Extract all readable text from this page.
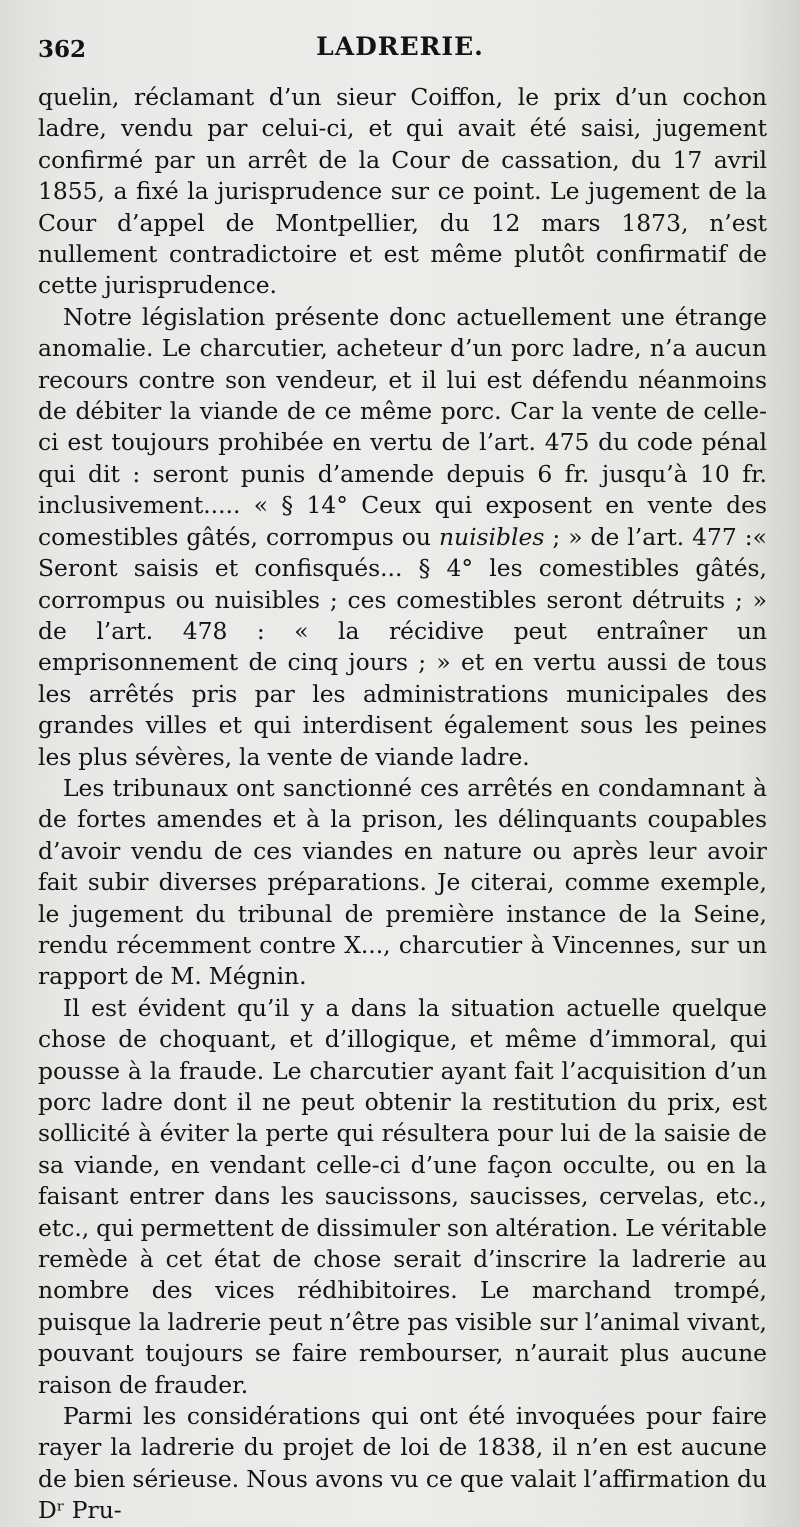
362	LADRERIE.

quelin, réclamant d’un sieur Coiffon, le prix d’un cochon ladre, vendu par celui-ci, et qui avait été saisi, jugement confirmé par un arrêt de la Cour de cassation, du 17 avril 1855, a fixé la jurisprudence sur ce point. Le jugement de la Cour d’appel de Montpellier, du 12 mars 1873, n’est nullement contradictoire et est même plutôt confirmatif de cette jurisprudence.

Notre législation présente donc actuellement une étrange anomalie. Le charcutier, acheteur d’un porc ladre, n’a aucun recours contre son vendeur, et il lui est défendu néanmoins de débiter la viande de ce même porc. Car la vente de celle-ci est toujours prohibée en vertu de l’art. 475 du code pénal qui dit : seront punis d’amende depuis 6 fr. jusqu’à 10 fr. inclusivement..... « § 14° Ceux qui exposent en vente des comestibles gâtés, corrompus ou nuisibles ; » de l’art. 477 :« Seront saisis et confisqués... § 4° les comestibles gâtés, corrompus ou nuisibles ; ces comestibles seront détruits ; » de l’art. 478 : « la récidive peut entraîner un emprisonnement de cinq jours ; » et en vertu aussi de tous les arrêtés pris par les administrations municipales des grandes villes et qui interdisent également sous les peines les plus sévères, la vente de viande ladre.

Les tribunaux ont sanctionné ces arrêtés en condamnant à de fortes amendes et à la prison, les délinquants coupables d’avoir vendu de ces viandes en nature ou après leur avoir fait subir diverses préparations. Je citerai, comme exemple, le jugement du tribunal de première instance de la Seine, rendu récemment contre X..., charcutier à Vincennes, sur un rapport de M. Mégnin.

Il est évident qu’il y a dans la situation actuelle quelque chose de choquant, et d’illogique, et même d’immoral, qui pousse à la fraude. Le charcutier ayant fait l’acquisition d’un porc ladre dont il ne peut obtenir la restitution du prix, est sollicité à éviter la perte qui résultera pour lui de la saisie de sa viande, en vendant celle-ci d’une façon occulte, ou en la faisant entrer dans les saucissons, saucisses, cervelas, etc., etc., qui permettent de dissimuler son altération. Le véritable remède à cet état de chose serait d’inscrire la ladrerie au nombre des vices rédhibitoires. Le marchand trompé, puisque la ladrerie peut n’être pas visible sur l’animal vivant, pouvant toujours se faire rembourser, n’aurait plus aucune raison de frauder.

Parmi les considérations qui ont été invoquées pour faire rayer la ladrerie du projet de loi de 1838, il n’en est aucune de bien sérieuse. Nous avons vu ce que valait l’affirmation du Dʳ Pru-
